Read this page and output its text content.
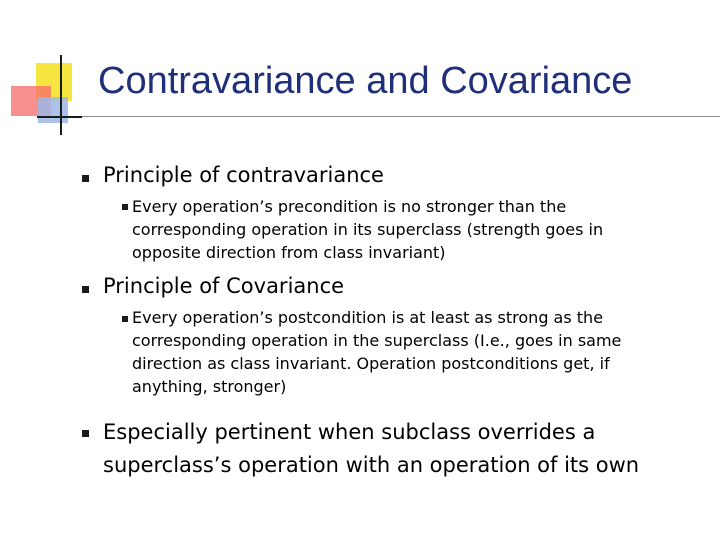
Contravariance and Covariance
Principle of contravariance
Every operation’s precondition is no stronger than the corresponding operation in its superclass (strength goes in opposite direction from class invariant)
Principle of Covariance
Every operation’s postcondition is at least as strong as the corresponding operation in the superclass (I.e., goes in same direction as class invariant. Operation postconditions get, if anything, stronger)
Especially pertinent when subclass overrides a superclass’s operation with an operation of its own
